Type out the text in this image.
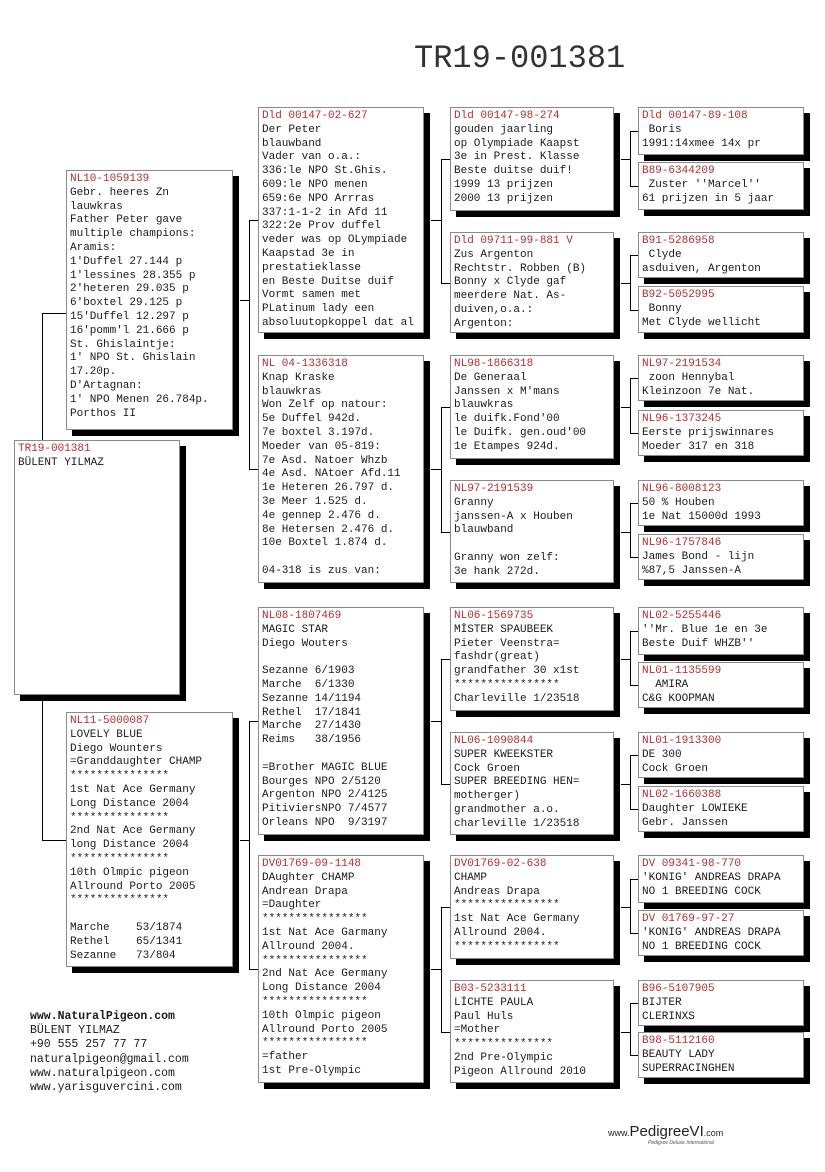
TR19-001381
TR19-001381
BÜLENT YILMAZ
NL10-1059139
Gebr. heeres Zn
lauwkras
Father Peter gave
multiple champions:
Aramis:
1'Duffel 27.144 p
1'lessines 28.355 p
2'heteren 29.035 p
6'boxtel 29.125 p
15'Duffel 12.297 p
16'pomm'l 21.666 p
St. Ghislaintje:
1' NPO St. Ghislain
17.20p.
D'Artagnan:
1' NPO Menen 26.784p.
Porthos II
NL11-5000087
LOVELY BLUE
Diego Wounters
=Granddaughter CHAMP
***************
1st Nat Ace Germany
Long Distance 2004
***************
2nd Nat Ace Germany
long Distance 2004
***************
10th Olmpic pigeon
Allround Porto 2005
***************

Marche    53/1874
Rethel    65/1341
Sezanne   73/804
Dld 00147-02-627
Der Peter
blauwband
Vader van o.a.:
336:le NPO St.Ghis.
609:le NPO menen
659:6e NPO Arrras
337:1-1-2 in Afd 11
322:2e Prov duffel
veder was op OLympiade
Kaapstad 3e in
prestatieklasse
en Beste Duitse duif
Vormt samen met
PLatinum lady een
absoluutopkoppel dat al
NL 04-1336318
Knap Kraske
blauwkras
Won Zelf op natour:
5e Duffel 942d.
7e boxtel 3.197d.
Moeder van 05-819:
7e Asd. Natoer Whzb
4e Asd. NAtoer Afd.11
1e Heteren 26.797 d.
3e Meer 1.525 d.
4e gennep 2.476 d.
8e Hetersen 2.476 d.
10e Boxtel 1.874 d.

04-318 is zus van:
NL08-1807469
MAGIC STAR
Diego Wouters

Sezanne 6/1903
Marche  6/1330
Sezanne 14/1194
Rethel  17/1841
Marche  27/1430
Reims   38/1956

=Brother MAGIC BLUE
Bourges NPO 2/5120
Argenton NPO 2/4125
PitiviersNPO 7/4577
Orleans NPO  9/3197
DV01769-09-1148
DAughter CHAMP
Andrean Drapa
=Daughter
****************
1st Nat Ace Garmany
Allround 2004.
****************
2nd Nat Ace Germany
Long Distance 2004
****************
10th Olmpic pigeon
Allround Porto 2005
****************
=father
1st Pre-Olympic
Dld 00147-98-274
gouden jaarling
op Olympiade Kaapst
3e in Prest. Klasse
Beste duitse duif!
1999 13 prijzen
2000 13 prijzen
Dld 09711-99-881 V
Zus Argenton
Rechtstr. Robben (B)
Bonny x Clyde gaf
meerdere Nat. As-
duiven,o.a.:
Argenton:
NL98-1866318
De Generaal
Janssen x M'mans
blauwkras
le duifk.Fond'00
le Duifk. gen.oud'00
1e Etampes 924d.
NL97-2191539
Granny
janssen-A x Houben
blauwband

Granny won zelf:
3e hank 272d.
NL06-1569735
MİSTER SPAUBEEK
Pieter Veenstra=
fashdr(great)
grandfather 30 x1st
****************
Charleville 1/23518
NL06-1090844
SUPER KWEEKSTER
Cock Groen
SUPER BREEDING HEN=
motherger)
grandmother a.o.
charleville 1/23518
DV01769-02-638
CHAMP
Andreas Drapa
****************
1st Nat Ace Germany
Allround 2004.
****************
B03-5233111
LİCHTE PAULA
Paul Huls
=Mother
***************
2nd Pre-Olympic
Pigeon Allround 2010
Dld 00147-89-108
Boris
1991:14xmee 14x pr
B89-6344209
Zuster ''Marcel''
61 prijzen in 5 jaar
B91-5286958
Clyde
asduiven, Argenton
B92-5052995
Bonny
Met Clyde wellicht
NL97-2191534
zoon Hennybal
Kleinzoon 7e Nat.
NL96-1373245
Eerste prijswinnares
Moeder 317 en 318
NL96-8008123
50 % Houben
1e Nat 15000d 1993
NL96-1757846
James Bond - lijn
%87,5 Janssen-A
NL02-5255446
''Mr. Blue 1e en 3e
Beste Duif WHZB''
NL01-1135599
AMIRA
C&G KOOPMAN
NL01-1913300
DE 300
Cock Groen
NL02-1660388
Daughter LOWIEKE
Gebr. Janssen
DV 09341-98-770
'KONIG' ANDREAS DRAPA
NO 1 BREEDING COCK
DV 01769-97-27
'KONIG' ANDREAS DRAPA
NO 1 BREEDING COCK
B96-5107905
BIJTER
CLERINXS
B98-5112160
BEAUTY LADY
SUPERRACINGHEN
www.NaturalPigeon.com
BÜLENT YILMAZ
+90 555 257 77 77
naturalpigeon@gmail.com
www.naturalpigeon.com
www.yarisguvercini.com
www.PedigreeVI.com
Pedigree Deluxe International
